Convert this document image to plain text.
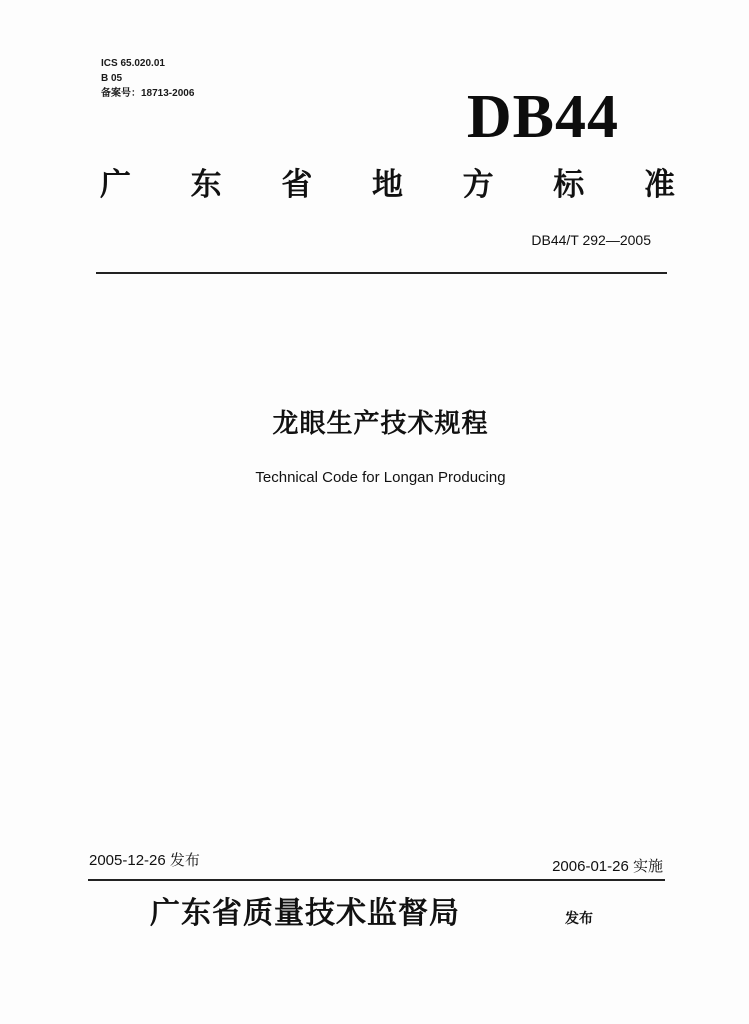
ICS 65.020.01
B 05
备案号：18713-2006	DB44
广 东 省 地 方 标 准
DB44/T 292—2005
龙眼生产技术规程
Technical Code for Longan Producing
2005-12-26 发布	2006-01-26 实施
广东省质量技术监督局	发布
